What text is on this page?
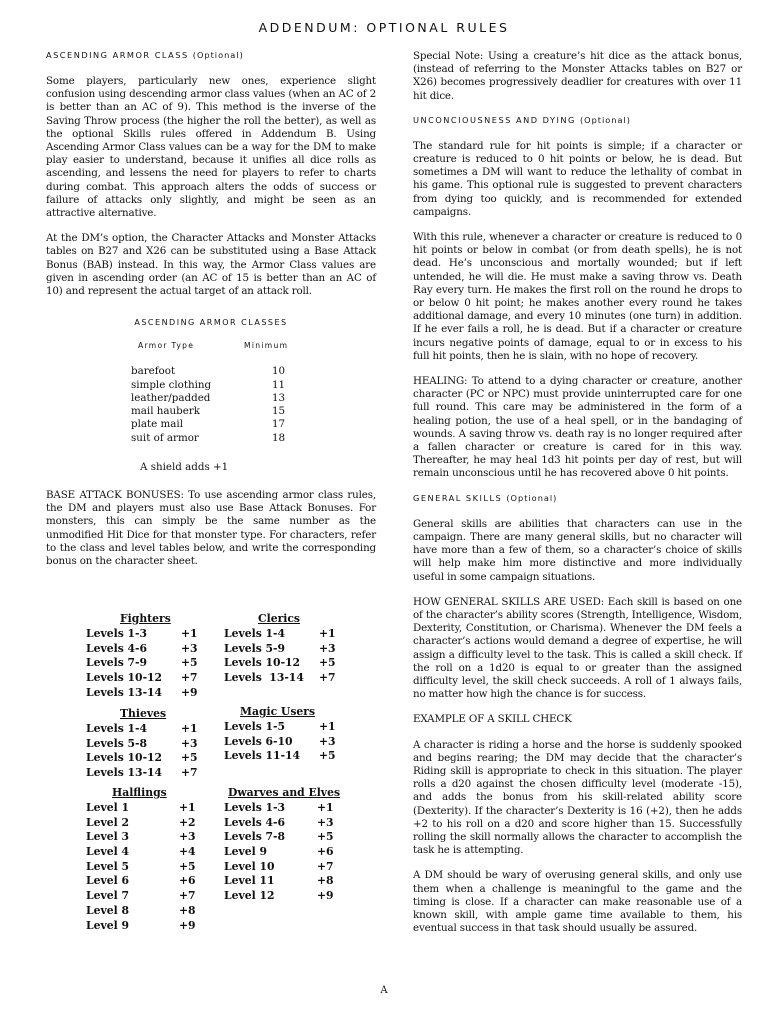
ADDENDUM: OPTIONAL RULES
ASCENDING ARMOR CLASS (Optional)

Some players, particularly new ones, experience slight confusion using descending armor class values (when an AC of 2 is better than an AC of 9). This method is the inverse of the Saving Throw process (the higher the roll the better), as well as the optional Skills rules offered in Addendum B. Using Ascending Armor Class values can be a way for the DM to make play easier to understand, because it unifies all dice rolls as ascending, and lessens the need for players to refer to charts during combat. This approach alters the odds of success or failure of attacks only slightly, and might be seen as an attractive alternative.

At the DM’s option, the Character Attacks and Monster Attacks tables on B27 and X26 can be substituted using a Base Attack Bonus (BAB) instead. In this way, the Armor Class values are given in ascending order (an AC of 15 is better than an AC of 10) and represent the actual target of an attack roll.

ASCENDING ARMOR CLASSES
Armor Type	Minimum
barefoot	10
simple clothing	11
leather/padded	13
mail hauberk	15
plate mail	17
suit of armor	18
A shield adds +1

BASE ATTACK BONUSES: To use ascending armor class rules, the DM and players must also use Base Attack Bonuses. For monsters, this can simply be the same number as the unmodified Hit Dice for that monster type. For characters, refer to the class and level tables below, and write the corresponding bonus on the character sheet.

Fighters
Levels 1-3	+1
Levels 4-6	+3
Levels 7-9	+5
Levels 10-12 +7
Levels 13-14 +9
Clerics
Levels 1-4	+1
Levels 5-9	+3
Levels 10-12 +5
Levels  13-14 +7
Thieves
Levels 1-4	+1
Levels 5-8	+3
Levels 10-12 +5
Levels 13-14 +7
Magic Users
Levels 1-5	+1
Levels 6-10 +3
Levels 11-14 +5
Halflings
Level 1	+1
Level 2	+2
Level 3	+3
Level 4	+4
Level 5	+5
Level 6	+6
Level 7	+7
Level 8	+8
Level 9	+9
Dwarves and Elves
Levels 1-3	+1
Levels 4-6	+3
Levels 7-8	+5
Level 9	+6
Level 10	+7
Level 11	+8
Level 12	+9

Special Note: Using a creature’s hit dice as the attack bonus, (instead of referring to the Monster Attacks tables on B27 or X26) becomes progressively deadlier for creatures with over 11 hit dice.

UNCONCIOUSNESS AND DYING (Optional)

The standard rule for hit points is simple; if a character or creature is reduced to 0 hit points or below, he is dead. But sometimes a DM will want to reduce the lethality of combat in his game. This optional rule is suggested to prevent characters from dying too quickly, and is recommended for extended campaigns.

With this rule, whenever a character or creature is reduced to 0 hit points or below in combat (or from death spells), he is not dead. He’s unconscious and mortally wounded; but if left untended, he will die. He must make a saving throw vs. Death Ray every turn. He makes the first roll on the round he drops to or below 0 hit point; he makes another every round he takes additional damage, and every 10 minutes (one turn) in addition. If he ever fails a roll, he is dead. But if a character or creature incurs negative points of damage, equal to or in excess to his full hit points, then he is slain, with no hope of recovery.

HEALING: To attend to a dying character or creature, another character (PC or NPC) must provide uninterrupted care for one full round. This care may be administered in the form of a healing potion, the use of a heal spell, or in the bandaging of wounds. A saving throw vs. death ray is no longer required after a fallen character or creature is cared for in this way. Thereafter, he may heal 1d3 hit points per day of rest, but will remain unconscious until he has recovered above 0 hit points.

GENERAL SKILLS (Optional)

General skills are abilities that characters can use in the campaign. There are many general skills, but no character will have more than a few of them, so a character’s choice of skills will help make him more distinctive and more individually useful in some campaign situations.

HOW GENERAL SKILLS ARE USED: Each skill is based on one of the character’s ability scores (Strength, Intelligence, Wisdom, Dexterity, Constitution, or Charisma). Whenever the DM feels a character’s actions would demand a degree of expertise, he will assign a difficulty level to the task. This is called a skill check. If the roll on a 1d20 is equal to or greater than the assigned difficulty level, the skill check succeeds. A roll of 1 always fails, no matter how high the chance is for success.

EXAMPLE OF A SKILL CHECK

A character is riding a horse and the horse is suddenly spooked and begins rearing; the DM may decide that the character’s Riding skill is appropriate to check in this situation. The player rolls a d20 against the chosen difficulty level (moderate -15), and adds the bonus from his skill-related ability score (Dexterity). If the character’s Dexterity is 16 (+2), then he adds +2 to his roll on a d20 and score higher than 15. Successfully rolling the skill normally allows the character to accomplish the task he is attempting.

A DM should be wary of overusing general skills, and only use them when a challenge is meaningful to the game and the timing is close. If a character can make reasonable use of a known skill, with ample game time available to them, his eventual success in that task should usually be assured.

A
